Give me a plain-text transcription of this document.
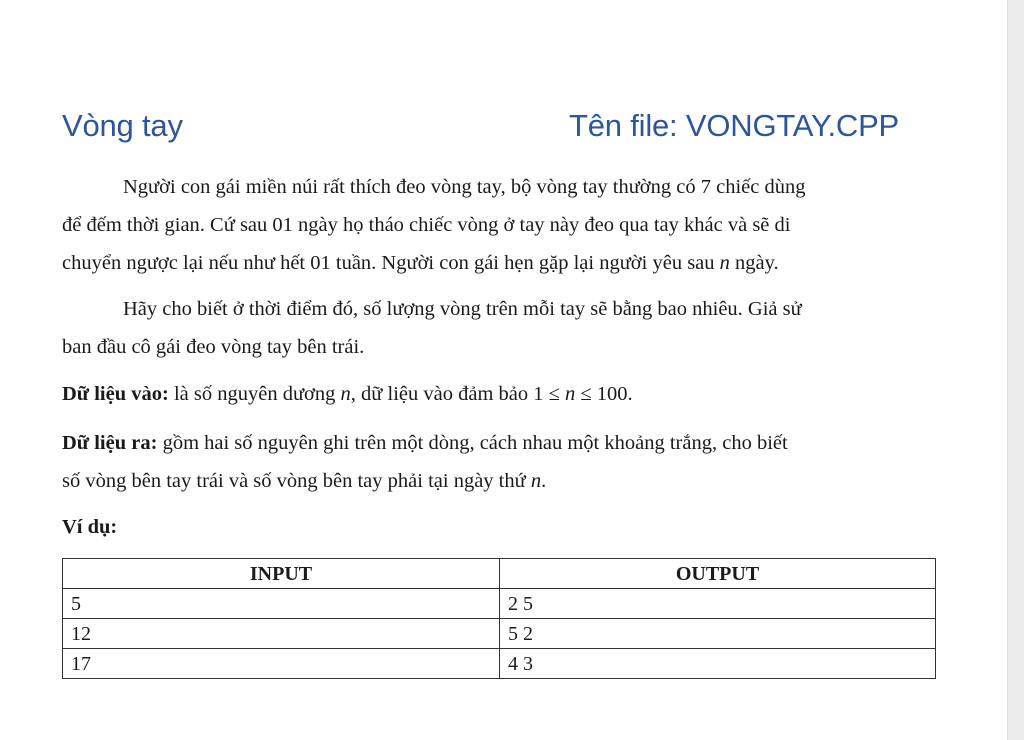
Vòng tay	Tên file: VONGTAY.CPP

Người con gái miền núi rất thích đeo vòng tay, bộ vòng tay thường có 7 chiếc dùng
để đếm thời gian. Cứ sau 01 ngày họ tháo chiếc vòng ở tay này đeo qua tay khác và sẽ di
chuyển ngược lại nếu như hết 01 tuần. Người con gái hẹn gặp lại người yêu sau n ngày.

Hãy cho biết ở thời điểm đó, số lượng vòng trên mỗi tay sẽ bằng bao nhiêu. Giả sử
ban đầu cô gái đeo vòng tay bên trái.

Dữ liệu vào: là số nguyên dương n, dữ liệu vào đảm bảo 1 ≤ n ≤ 100.

Dữ liệu ra: gồm hai số nguyên ghi trên một dòng, cách nhau một khoảng trắng, cho biết
số vòng bên tay trái và số vòng bên tay phải tại ngày thứ n.

Ví dụ:

INPUT	OUTPUT
5	2 5
12	5 2
17	4 3
